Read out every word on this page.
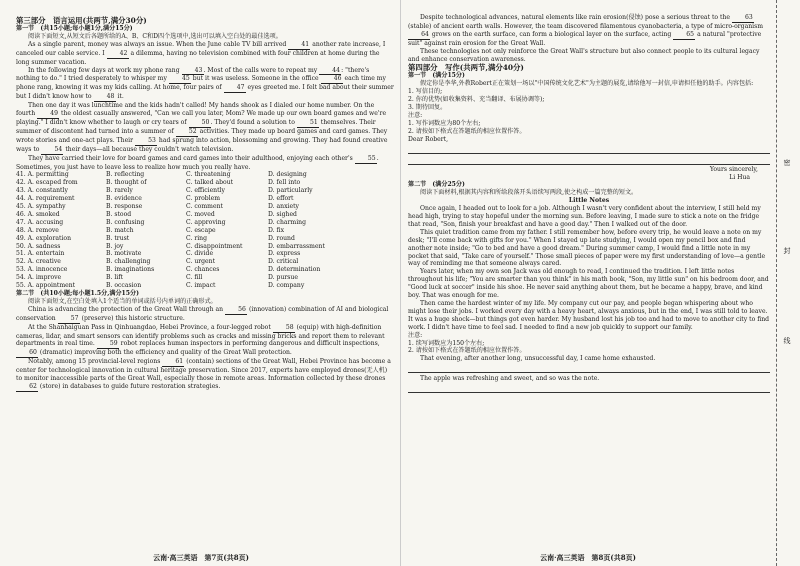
第三部分　语言运用(共两节,满分30分)

第一节　(共15小题;每小题1分,满分15分)

阅读下面短文,从短文后各题所给的A、B、C和D四个选项中,选出可以填入空白处的最佳选项。

As a single parent, money was always an issue. When the June cable TV bill arrived 41 another rate increase, I canceled our cable service. I 42 a dilemma, having no television combined with four children at home during the long summer vacation.

In the following few days at work my phone rang 43. Most of the calls were to repeat my 44: "there's nothing to do." I tried desperately to whisper my 45 but it was useless. Someone in the office 46 each time my phone rang, knowing it was my kids calling. At home, four pairs of 47 eyes greeted me. I felt bad about their summer but I didn't know how to 48 it.

Then one day it was lunchtime and the kids hadn't called! My hands shook as I dialed our home number. On the fourth 49 the oldest casually answered, "Can we call you later, Mom? We made up our own board games and we're playing." I didn't know whether to laugh or cry tears of 50. They'd found a solution to 51 themselves. Their summer of discontent had turned into a summer of 52 activities. They made up board games and card games. They wrote stories and one-act plays. Their 53 had sprung into action, blossoming and growing. They had found creative ways to 54 their days—all because they couldn't watch television.

They have carried their love for board games and card games into their adulthood, enjoying each other's 55. Sometimes, you just have to leave less to realize how much you really have.

41. A. permitting	B. reflecting	C. threatening	D. designing
42. A. escaped from	B. thought of	C. talked about	D. fell into
43. A. constantly	B. rarely	C. efficiently	D. particularly
44. A. requirement	B. evidence	C. problem	D. effort
45. A. sympathy	B. response	C. comment	D. anxiety
46. A. smoked	B. stood	C. moved	D. sighed
47. A. accusing	B. confusing	C. approving	D. charming
48. A. remove	B. match	C. escape	D. fix
49. A. exploration	B. trust	C. ring	D. round
50. A. sadness	B. joy	C. disappointment	D. embarrassment
51. A. entertain	B. motivate	C. divide	D. express
52. A. creative	B. challenging	C. urgent	D. critical
53. A. innocence	B. imaginations	C. chances	D. determination
54. A. improve	B. lift	C. fill	D. pursue
55. A. appointment	B. occasion	C. impact	D. company

第二节　(共10小题;每小题1.5分,满分15分)

阅读下面短文,在空白处填入1个适当的单词或括号内单词的正确形式。

China is advancing the protection of the Great Wall through an 56 (innovation) combination of AI and biological conservation 57 (preserve) this historic structure.

At the Shanhaiguan Pass in Qinhuangdao, Hebei Province, a four-legged robot 58 (equip) with high-definition cameras, lidar, and smart sensors can identify problems such as cracks and missing bricks and report them to relevant departments in real time. 59 robot replaces human inspectors in performing dangerous and difficult inspections, 60 (dramatic) improving both the efficiency and quality of the Great Wall protection.

Notably, among 15 provincial-level regions 61 (contain) sections of the Great Wall, Hebei Province has become a center for technological innovation in cultural heritage preservation. Since 2017, experts have employed drones(无人机) to monitor inaccessible parts of the Great Wall, especially those in remote areas. Information collected by these drones 62 (store) in databases to guide future restoration strategies.

云南·高三英语　第7页(共8页)

Despite technological advances, natural elements like rain erosion(侵蚀) pose a serious threat to the 63 (stable) of ancient earth walls. However, the team discovered filamentous cyanobacteria, a type of micro-organism 64 grows on the earth surface, can form a biological layer on the surface, acting 65 a natural "protective suit" against rain erosion for the Great Wall.

These technologies not only reinforce the Great Wall's structure but also connect people to its cultural legacy and enhance conservation awareness.

第四部分　写作(共两节,满分40分)

第一节　(满分15分)

假定你是李华,外教Robert正在策划一场以"中国传统文化艺术"为主题的展览,请给他写一封信,申请担任他的助手。内容包括:

1. 写信目的;

2. 你的优势(如收集资料、充当翻译、布展协调等);

3. 期待回复。

注意:

1. 写作词数应为80个左右;

2. 请按如下格式在答题纸的相应位置作答。

Dear Robert,

Yours sincerely,

Li Hua

第二节　(满分25分)

阅读下面材料,根据其内容和所给段落开头语续写两段,使之构成一篇完整的短文。

Little Notes

Once again, I headed out to look for a job. Although I wasn't very confident about the interview, I still held my head high, trying to stay hopeful under the morning sun. Before leaving, I made sure to stick a note on the fridge that read, "Son, finish your breakfast and have a good day." Then I walked out of the door.

This quiet tradition came from my father. I still remember how, before every trip, he would leave a note on my desk; "I'll come back with gifts for you." When I stayed up late studying, I would open my pencil box and find another note inside; "Go to bed and have a good dream." During summer camp, I would find a little note in my pocket that said, "Take care of yourself." Those small pieces of paper were my first understanding of love—a gentle way of reminding me that someone always cared.

Years later, when my own son Jack was old enough to read, I continued the tradition. I left little notes throughout his life; "You are smarter than you think" in his math book, "Son, my little sun" on his bedroom door, and "Good luck at soccer" inside his shoe. He never said anything about them, but he became a happy, brave, and kind boy. That was enough for me.

Then came the hardest winter of my life. My company cut our pay, and people began whispering about who might lose their jobs. I worked every day with a heavy heart, always anxious, but in the end, I was still told to leave. It was a huge shock—but things got even harder. My husband lost his job too and had to move to another city to find work. I didn't have time to feel sad. I needed to find a new job quickly to support our family.

注意:

1. 续写词数应为150个左右;

2. 请按如下格式在答题纸的相应位置作答。

That evening, after another long, unsuccessful day, I came home exhausted.

The apple was refreshing and sweet, and so was the note.

云南·高三英语　第8页(共8页)
密
封
线
